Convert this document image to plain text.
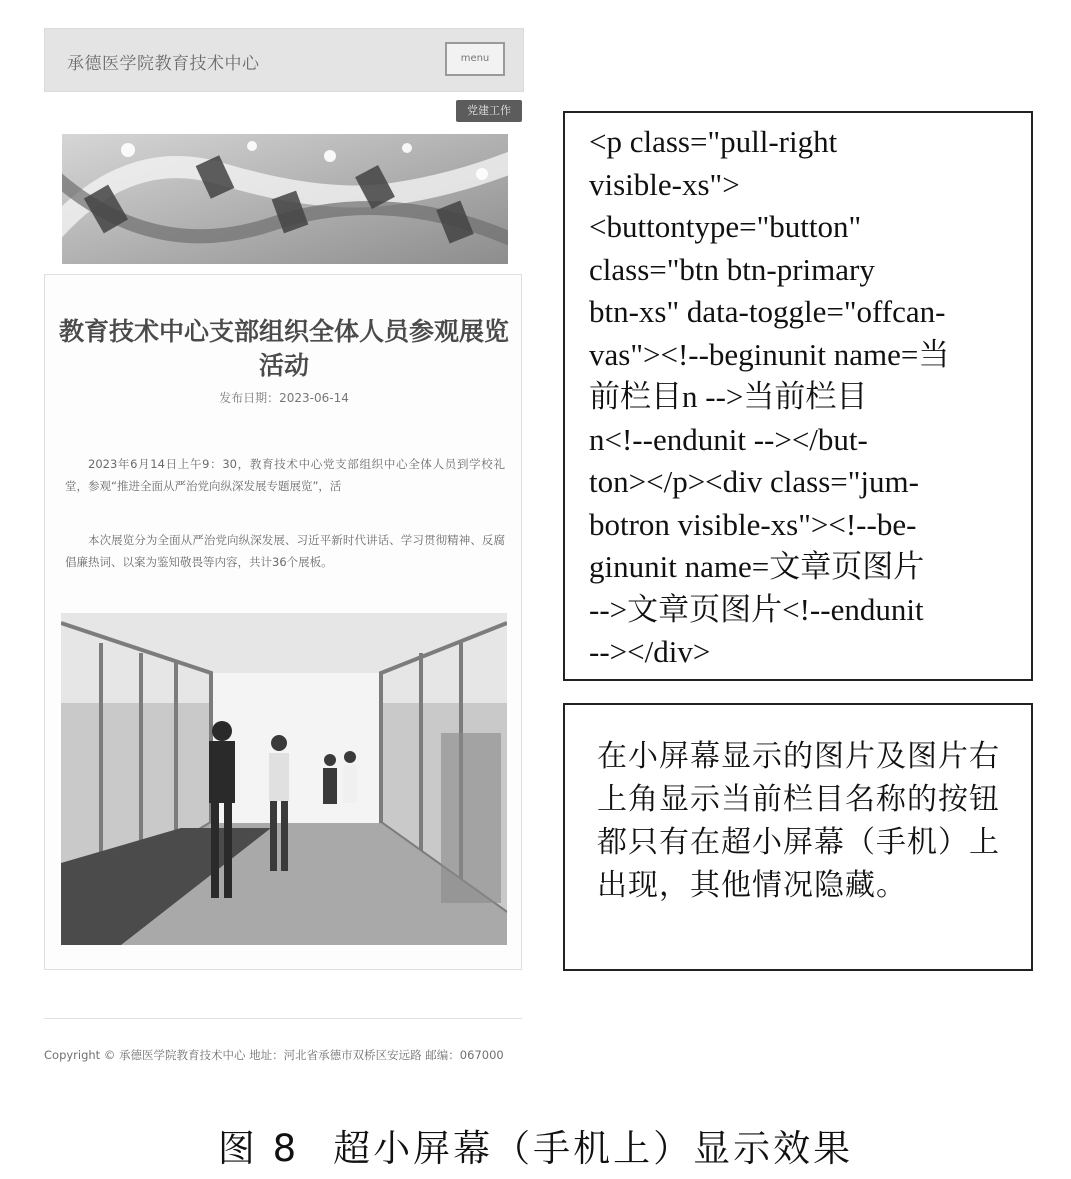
承德医学院教育技术中心	menu
党建工作
教育技术中心支部组织全体人员参观展览活动
发布日期：2023-06-14
2023年6月14日上午9：30，教育技术中心党支部组织中心全体人员到学校礼堂，参观“推进全面从严治党向纵深发展专题展览”，活
本次展览分为全面从严治党向纵深发展、习近平新时代讲话、学习贯彻精神、反腐倡廉热词、以案为鉴知敬畏等内容，共计36个展板。
Copyright © 承德医学院教育技术中心 地址：河北省承德市双桥区安远路 邮编：067000
<p class="pull-right
visible-xs">
<buttontype="button"
class="btn btn-primary
btn-xs" data-toggle="offcan-
vas"><!--beginunit name=当
前栏目n -->当前栏目
n<!--endunit --></but-
ton></p><div class="jum-
botron visible-xs"><!--be-
ginunit name=文章页图片
-->文章页图片<!--endunit
--></div>
在小屏幕显示的图片及图片右上角显示当前栏目名称的按钮都只有在超小屏幕（手机）上出现，其他情况隐藏。
图 8 超小屏幕（手机上）显示效果
